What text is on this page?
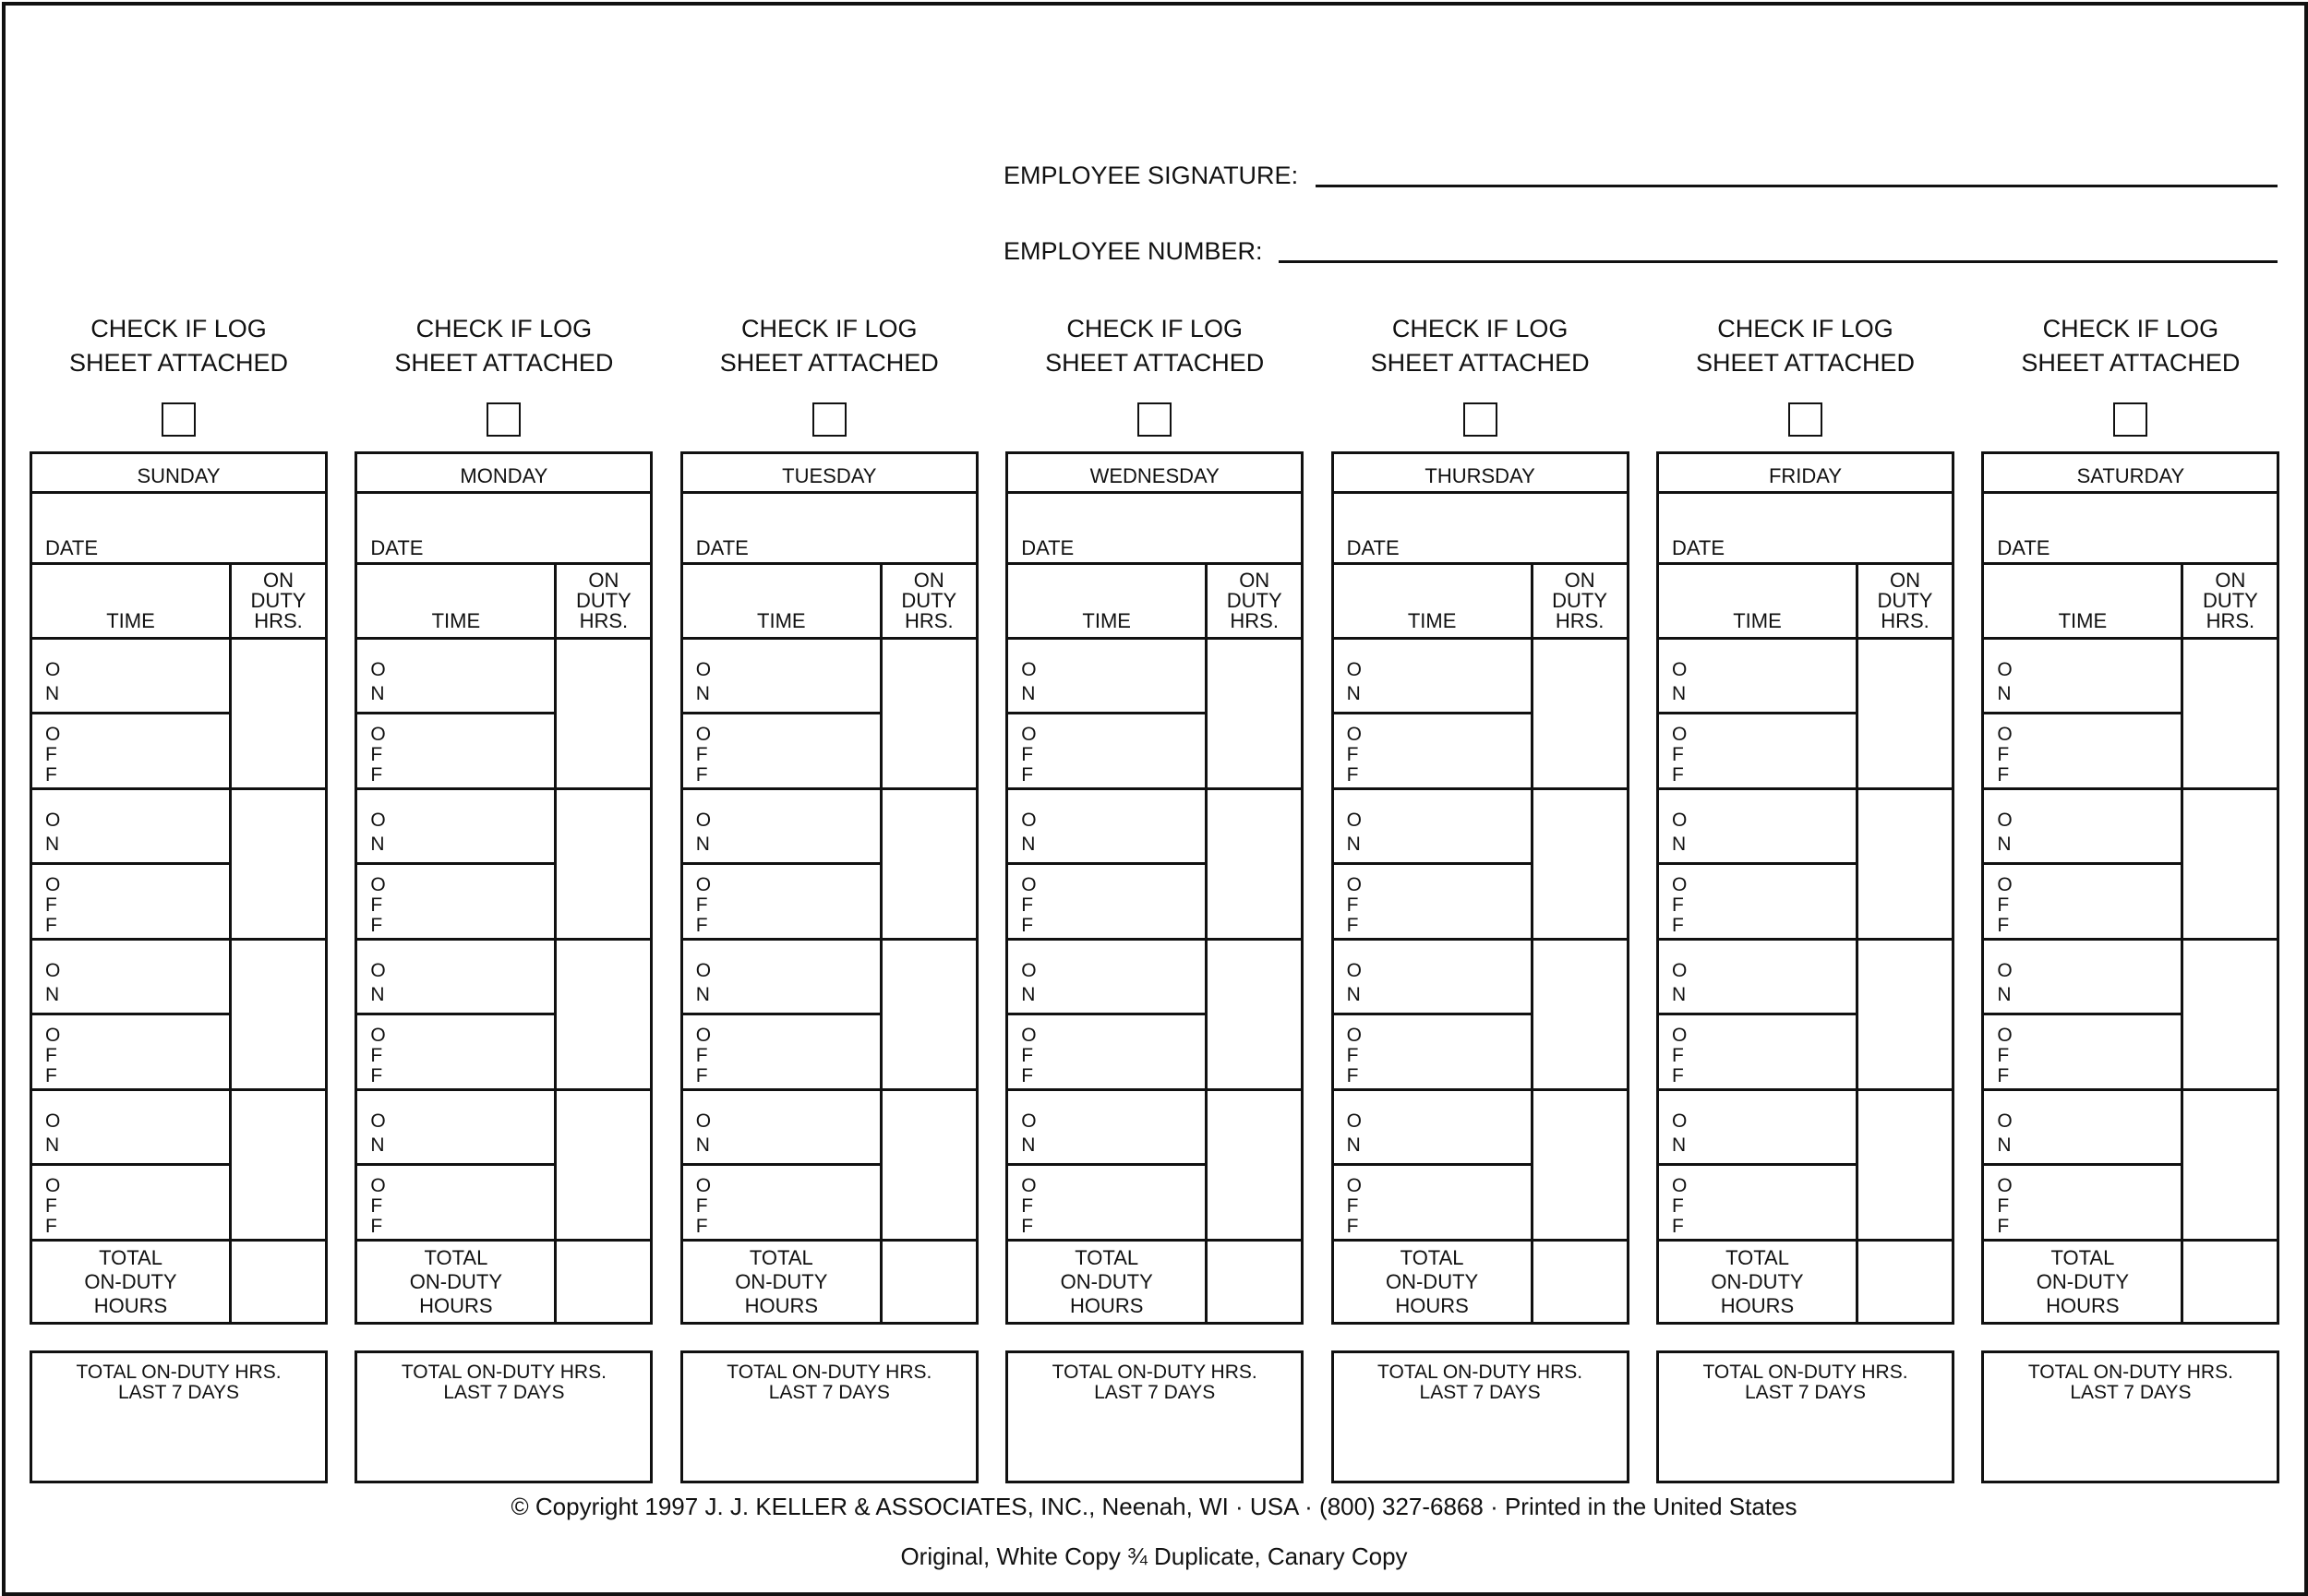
EMPLOYEE SIGNATURE:
EMPLOYEE NUMBER:
CHECK IF LOG
SHEET ATTACHED
SUNDAY
DATE
TIME
ON
DUTY
HRS.
O
N
O
F
F
O
N
O
F
F
O
N
O
F
F
O
N
O
F
F
TOTAL
ON-DUTY
HOURS
TOTAL ON-DUTY HRS.
LAST 7 DAYS
CHECK IF LOG
SHEET ATTACHED
MONDAY
DATE
TIME
ON
DUTY
HRS.
O
N
O
F
F
O
N
O
F
F
O
N
O
F
F
O
N
O
F
F
TOTAL
ON-DUTY
HOURS
TOTAL ON-DUTY HRS.
LAST 7 DAYS
CHECK IF LOG
SHEET ATTACHED
TUESDAY
DATE
TIME
ON
DUTY
HRS.
O
N
O
F
F
O
N
O
F
F
O
N
O
F
F
O
N
O
F
F
TOTAL
ON-DUTY
HOURS
TOTAL ON-DUTY HRS.
LAST 7 DAYS
CHECK IF LOG
SHEET ATTACHED
WEDNESDAY
DATE
TIME
ON
DUTY
HRS.
O
N
O
F
F
O
N
O
F
F
O
N
O
F
F
O
N
O
F
F
TOTAL
ON-DUTY
HOURS
TOTAL ON-DUTY HRS.
LAST 7 DAYS
CHECK IF LOG
SHEET ATTACHED
THURSDAY
DATE
TIME
ON
DUTY
HRS.
O
N
O
F
F
O
N
O
F
F
O
N
O
F
F
O
N
O
F
F
TOTAL
ON-DUTY
HOURS
TOTAL ON-DUTY HRS.
LAST 7 DAYS
CHECK IF LOG
SHEET ATTACHED
FRIDAY
DATE
TIME
ON
DUTY
HRS.
O
N
O
F
F
O
N
O
F
F
O
N
O
F
F
O
N
O
F
F
TOTAL
ON-DUTY
HOURS
TOTAL ON-DUTY HRS.
LAST 7 DAYS
CHECK IF LOG
SHEET ATTACHED
SATURDAY
DATE
TIME
ON
DUTY
HRS.
O
N
O
F
F
O
N
O
F
F
O
N
O
F
F
O
N
O
F
F
TOTAL
ON-DUTY
HOURS
TOTAL ON-DUTY HRS.
LAST 7 DAYS
© Copyright 1997 J. J. KELLER & ASSOCIATES, INC., Neenah, WI · USA · (800) 327-6868 · Printed in the United States
Original, White Copy ¾ Duplicate, Canary Copy
